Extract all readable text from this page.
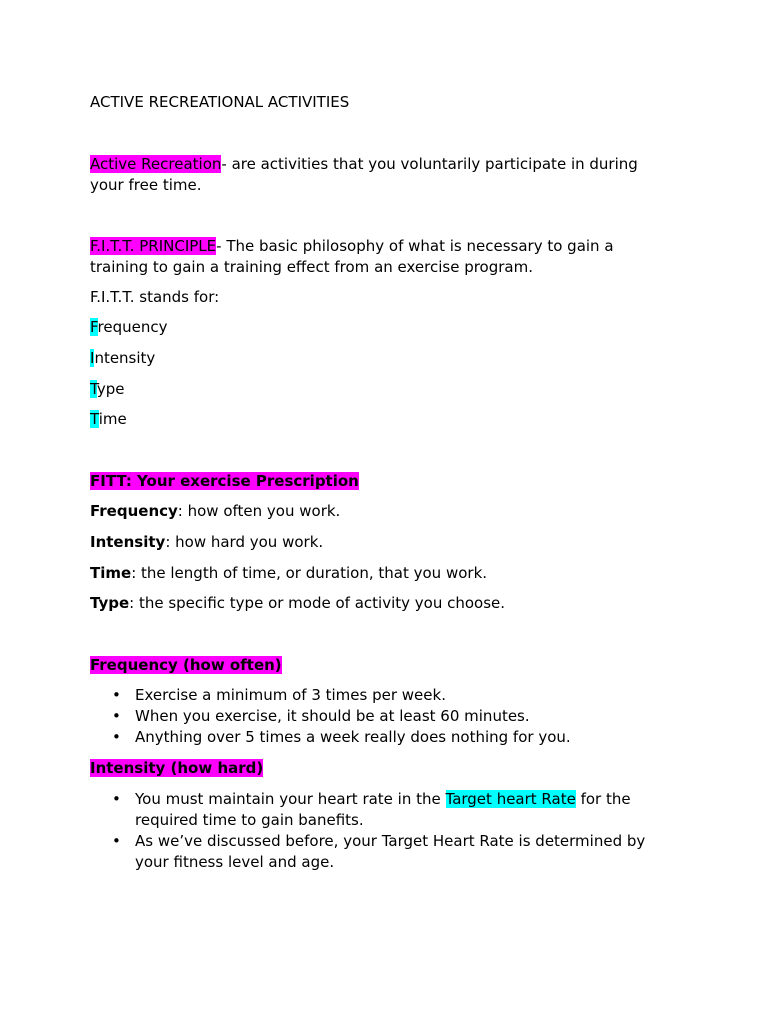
ACTIVE RECREATIONAL ACTIVITIES

Active Recreation- are activities that you voluntarily participate in during your free time.

F.I.T.T. PRINCIPLE- The basic philosophy of what is necessary to gain a training to gain a training effect from an exercise program.

F.I.T.T. stands for:

Frequency

Intensity

Type

Time

FITT: Your exercise Prescription

Frequency: how often you work.

Intensity: how hard you work.

Time: the length of time, or duration, that you work.

Type: the specific type or mode of activity you choose.

Frequency (how often)

• Exercise a minimum of 3 times per week.
• When you exercise, it should be at least 60 minutes.
• Anything over 5 times a week really does nothing for you.

Intensity (how hard)

• You must maintain your heart rate in the Target heart Rate for the required time to gain banefits.
• As we’ve discussed before, your Target Heart Rate is determined by your fitness level and age.
